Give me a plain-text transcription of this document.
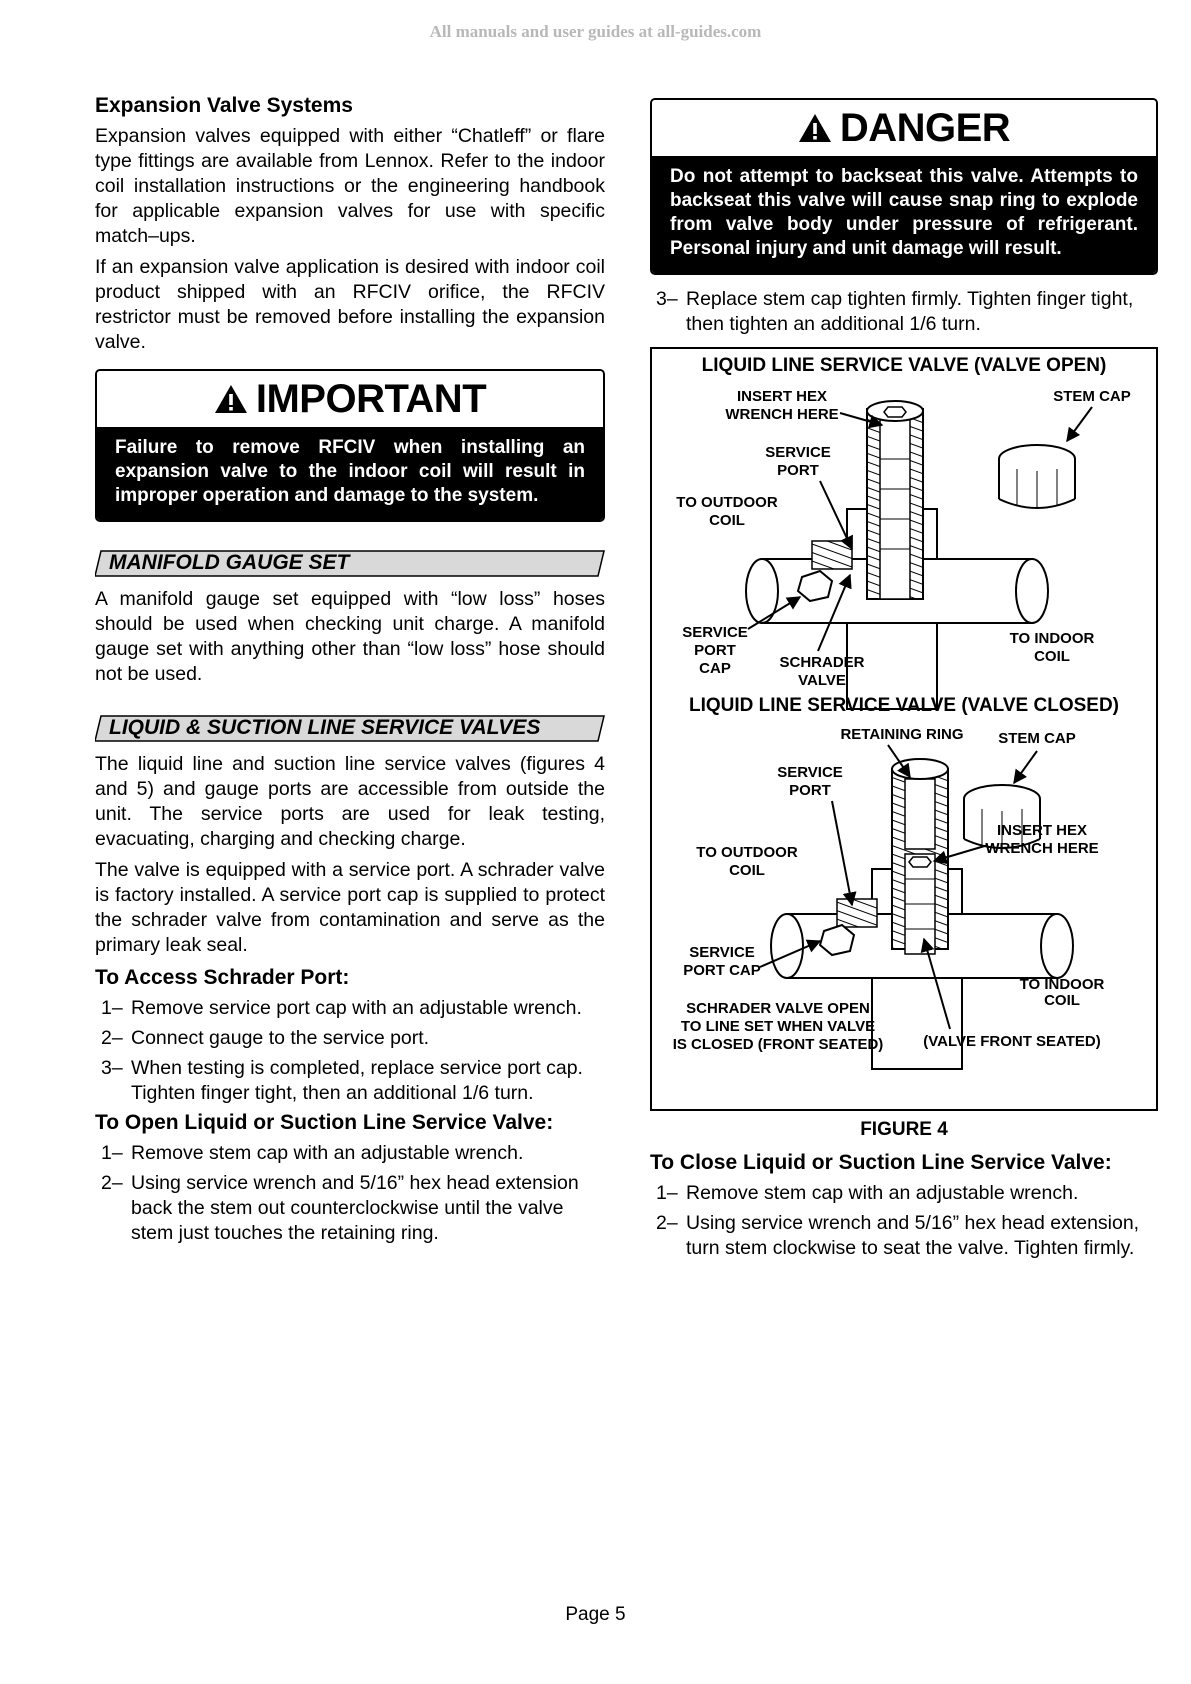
All manuals and user guides at all-guides.com
Expansion Valve Systems

Expansion valves equipped with either “Chatleff” or flare type fittings are available from Lennox. Refer to the indoor coil installation instructions or the engineering handbook for applicable expansion valves for use with specific match–ups.

If an expansion valve application is desired with indoor coil product shipped with an RFCIV orifice, the RFCIV restrictor must be removed before installing the expansion valve.

IMPORTANT
Failure to remove RFCIV when installing an expansion valve to the indoor coil will result in improper operation and damage to the system.
MANIFOLD GAUGE SET

A manifold gauge set equipped with “low loss” hoses should be used when checking unit charge. A manifold gauge set with anything other than “low loss” hose should not be used.

LIQUID & SUCTION LINE SERVICE VALVES

The liquid line and suction line service valves (figures 4 and 5) and gauge ports are accessible from outside the unit. The service ports are used for leak testing, evacuating, charging and checking charge.

The valve is equipped with a service port. A schrader valve is factory installed. A service port cap is supplied to protect the schrader valve from contamination and serve as the primary leak seal.

To Access Schrader Port:
1– Remove service port cap with an adjustable wrench.
2– Connect gauge to the service port.
3– When testing is completed, replace service port cap. Tighten finger tight, then an additional 1/6 turn.
To Open Liquid or Suction Line Service Valve:
1– Remove stem cap with an adjustable wrench.
2– Using service wrench and 5/16” hex head extension back the stem out counterclockwise until the valve stem just touches the retaining ring.
DANGER
Do not attempt to backseat this valve. Attempts to backseat this valve will cause snap ring to explode from valve body under pressure of refrigerant. Personal injury and unit damage will result.
3– Replace stem cap tighten firmly. Tighten finger tight, then tighten an additional 1/6 turn.
LIQUID LINE SERVICE VALVE (VALVE OPEN)
INSERT HEX
WRENCH HERE
STEM CAP
SERVICE
PORT
TO OUTDOOR
COIL
SERVICE
PORT
CAP	SCHRADER
VALVE
TO INDOOR
COIL
LIQUID LINE SERVICE VALVE (VALVE CLOSED)
RETAINING RING STEM CAP
SERVICE
PORT
INSERT HEX
WRENCH HERE
TO OUTDOOR
COIL
SERVICE
PORT CAP
TO INDOOR
COIL
SCHRADER VALVE OPEN
TO LINE SET WHEN VALVE
IS CLOSED (FRONT SEATED)	(VALVE FRONT SEATED)
FIGURE 4
To Close Liquid or Suction Line Service Valve:
1– Remove stem cap with an adjustable wrench.
2– Using service wrench and 5/16” hex head extension, turn stem clockwise to seat the valve. Tighten firmly.
Page 5
